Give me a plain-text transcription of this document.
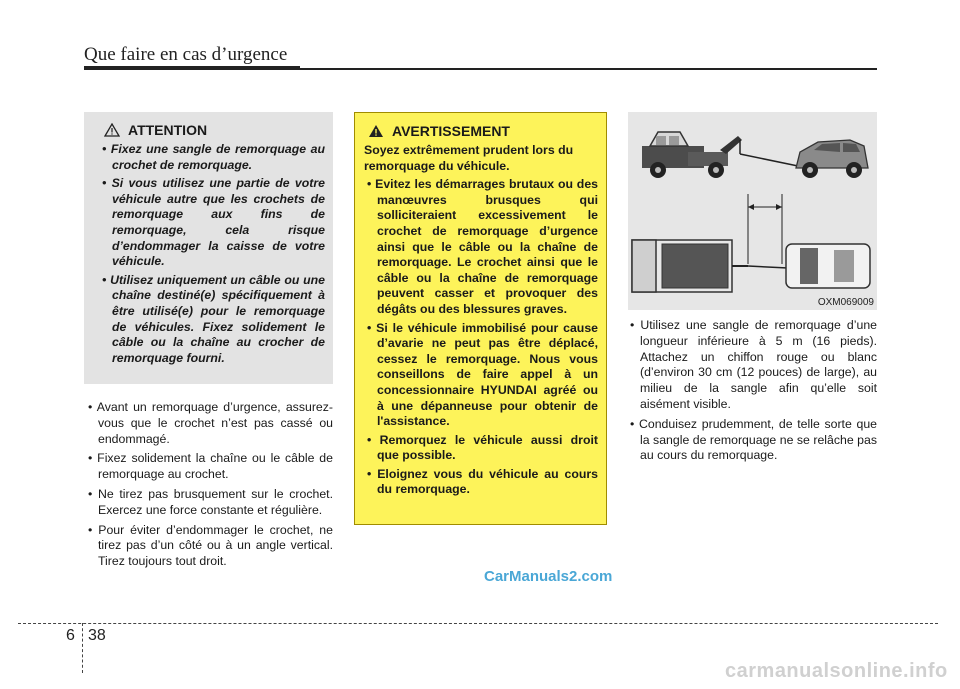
Que faire en cas d’urgence
ATTENTION
• Fixez une sangle de remorquage au crochet de remorquage.
• Si vous utilisez une partie de votre véhicule autre que les crochets de remorquage aux fins de remorquage, cela risque d’endommager la caisse de votre véhicule.
• Utilisez uniquement un câble ou une chaîne destiné(e) spécifiquement à être utilisé(e) pour le remorquage de véhicules. Fixez solidement le câble ou la chaîne au crocher de remorquage fourni.
• Avant un remorquage d’urgence, assurez-vous que le crochet n’est pas cassé ou endommagé.
• Fixez solidement la chaîne ou le câble de remorquage au crochet.
• Ne tirez pas brusquement sur le crochet. Exercez une force constante et régulière.
• Pour éviter d’endommager le crochet, ne tirez pas d’un côté ou à un angle vertical. Tirez toujours tout droit.
AVERTISSEMENT

Soyez extrêmement prudent lors du remorquage du véhicule.

• Evitez les démarrages brutaux ou des manœuvres brusques qui solliciteraient excessivement le crochet de remorquage d’urgence ainsi que le câble ou la chaîne de remorquage. Le crochet ainsi que le câble ou la chaîne de remorquage peuvent casser et provoquer des dégâts ou des blessures graves.
• Si le véhicule immobilisé pour cause d’avarie ne peut pas être déplacé, cessez le remorquage. Nous vous conseillons de faire appel à un concessionnaire HYUNDAI agréé ou à une dépanneuse pour obtenir de l'assistance.
• Remorquez le véhicule aussi droit que possible.
• Eloignez vous du véhicule au cours du remorquage.
OXM069009
• Utilisez une sangle de remorquage d’une longueur inférieure à 5 m (16 pieds). Attachez un chiffon rouge ou blanc (d’environ 30 cm (12 pouces) de large), au milieu de la sangle afin qu’elle soit aisément visible.
• Conduisez prudemment, de telle sorte que la sangle de remorquage ne se relâche pas au cours du remorquage.
CarManuals2.com
6 38
carmanualsonline.info
